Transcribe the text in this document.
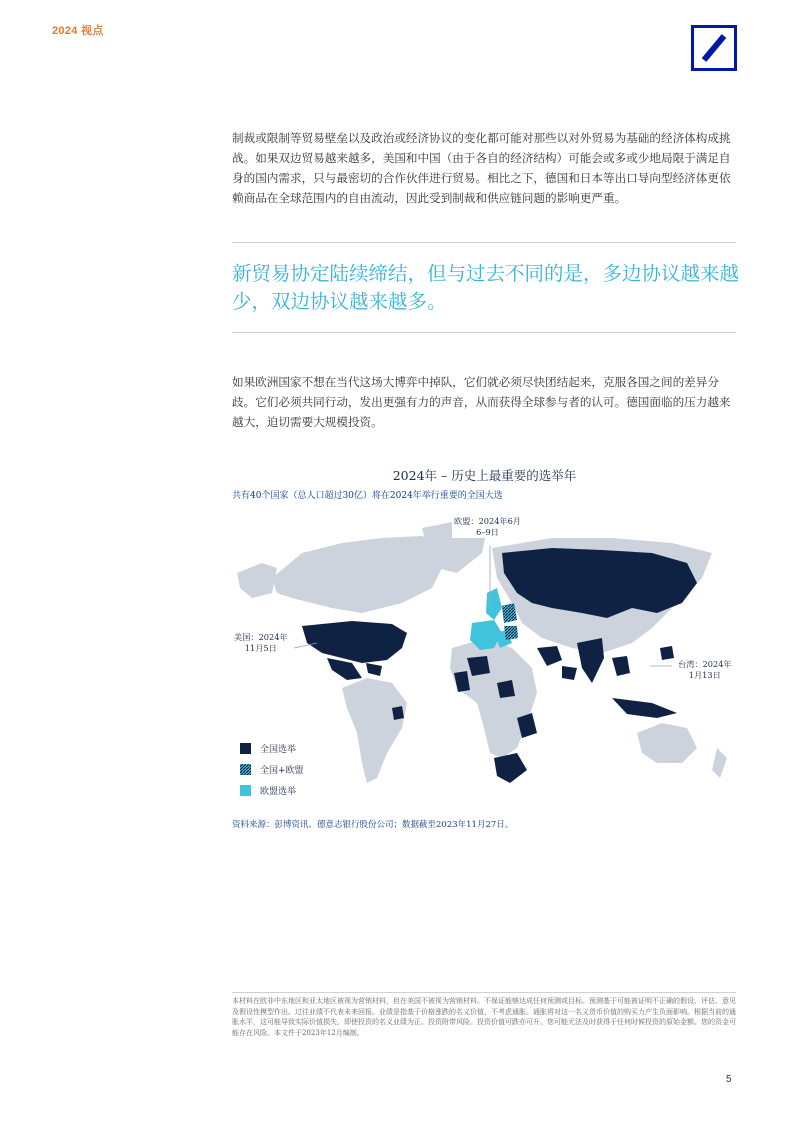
2024 视点
制裁或限制等贸易壁垒以及政治或经济协议的变化都可能对那些以对外贸易为基础的经济体构成挑战。如果双边贸易越来越多，美国和中国（由于各自的经济结构）可能会或多或少地局限于满足自身的国内需求，只与最密切的合作伙伴进行贸易。相比之下，德国和日本等出口导向型经济体更依赖商品在全球范围内的自由流动，因此受到制裁和供应链问题的影响更严重。
新贸易协定陆续缔结，但与过去不同的是，多边协议越来越少，双边协议越来越多。
如果欧洲国家不想在当代这场大博弈中掉队，它们就必须尽快团结起来，克服各国之间的差异分歧。它们必须共同行动，发出更强有力的声音，从而获得全球参与者的认可。德国面临的压力越来越大，迫切需要大规模投资。
2024年 – 历史上最重要的选举年
共有40个国家（总人口超过30亿）将在2024年举行重要的全国大选
欧盟：2024年6月
6–9日
美国：2024年
11月5日
台湾：2024年
1月13日
全国选举
全国+欧盟
欧盟选举
资料来源：彭博资讯、德意志银行股份公司；数据截至2023年11月27日。
本材料在欧非中东地区和亚太地区被视为营销材料，但在美国不被视为营销材料。不保证能够达成任何预测或目标。预测基于可能被证明不正确的假设、评估、意见及假设性模型作出。过往业绩不代表未来回报。业绩是指基于价格涨跌的名义价值，不考虑通胀。通胀将对这一名义货币价值的购买力产生负面影响。根据当前的通胀水平，这可能导致实际价值损失，即使投资的名义业绩为正。投资附带风险。投资价值可跌亦可升。您可能无法及时获得于任何时候投资的原始金额。您的资金可能存在风险。本文件于2023年12月编制。
5
